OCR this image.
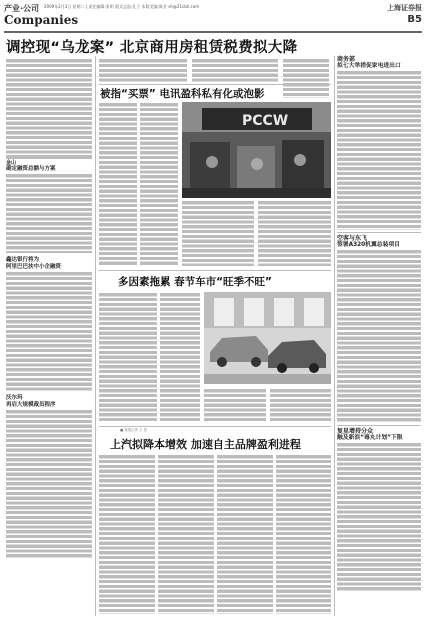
产业·公司 2009年2月3日 星期二 | 责任编辑:张明 版式总监:孔子 本版美编:陈芳 sh@21cbh.com	上海证券报
Companies	B5
调控现“乌龙案” 北京商用房租赁税费拟大降
金山
确定融资总额与方案
鑫达银行将为
阿里巴巴扶中小企融资
沃尔玛
再启大规模裁员程序
被指“买票” 电讯盈科私有化或泡影
PCCW
多因素拖累 春节车市“旺季不旺”
■ 我报记者 王 旻
上汽拟降本增效 加速自主品牌盈利进程
商务部
拟七大举措促家电进出口
空客与东飞
签署A320机翼总装项目
复星增持分众
触及新浪“毒丸计划”下限
